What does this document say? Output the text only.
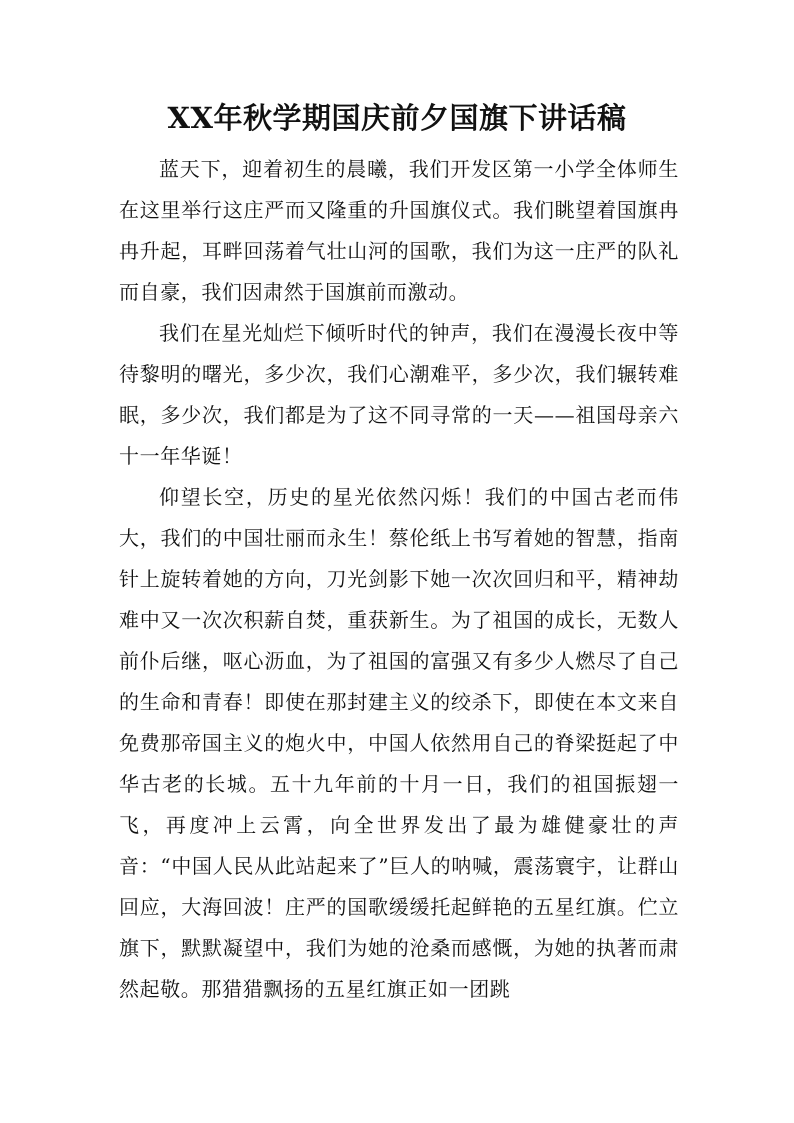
XX年秋学期国庆前夕国旗下讲话稿

蓝天下，迎着初生的晨曦，我们开发区第一小学全体师生在这里举行这庄严而又隆重的升国旗仪式。我们眺望着国旗冉冉升起，耳畔回荡着气壮山河的国歌，我们为这一庄严的队礼而自豪，我们因肃然于国旗前而激动。

我们在星光灿烂下倾听时代的钟声，我们在漫漫长夜中等待黎明的曙光，多少次，我们心潮难平，多少次，我们辗转难眠，多少次，我们都是为了这不同寻常的一天——祖国母亲六十一年华诞！

仰望长空，历史的星光依然闪烁！我们的中国古老而伟大，我们的中国壮丽而永生！蔡伦纸上书写着她的智慧，指南针上旋转着她的方向，刀光剑影下她一次次回归和平，精神劫难中又一次次积薪自焚，重获新生。为了祖国的成长，无数人前仆后继，呕心沥血，为了祖国的富强又有多少人燃尽了自己的生命和青春！即使在那封建主义的绞杀下，即使在本文来自免费那帝国主义的炮火中，中国人依然用自己的脊梁挺起了中华古老的长城。五十九年前的十月一日，我们的祖国振翅一飞，再度冲上云霄，向全世界发出了最为雄健豪壮的声音：“中国人民从此站起来了”巨人的呐喊，震荡寰宇，让群山回应，大海回波！庄严的国歌缓缓托起鲜艳的五星红旗。伫立旗下，默默凝望中，我们为她的沧桑而感慨，为她的执著而肃然起敬。那猎猎飘扬的五星红旗正如一团跳
